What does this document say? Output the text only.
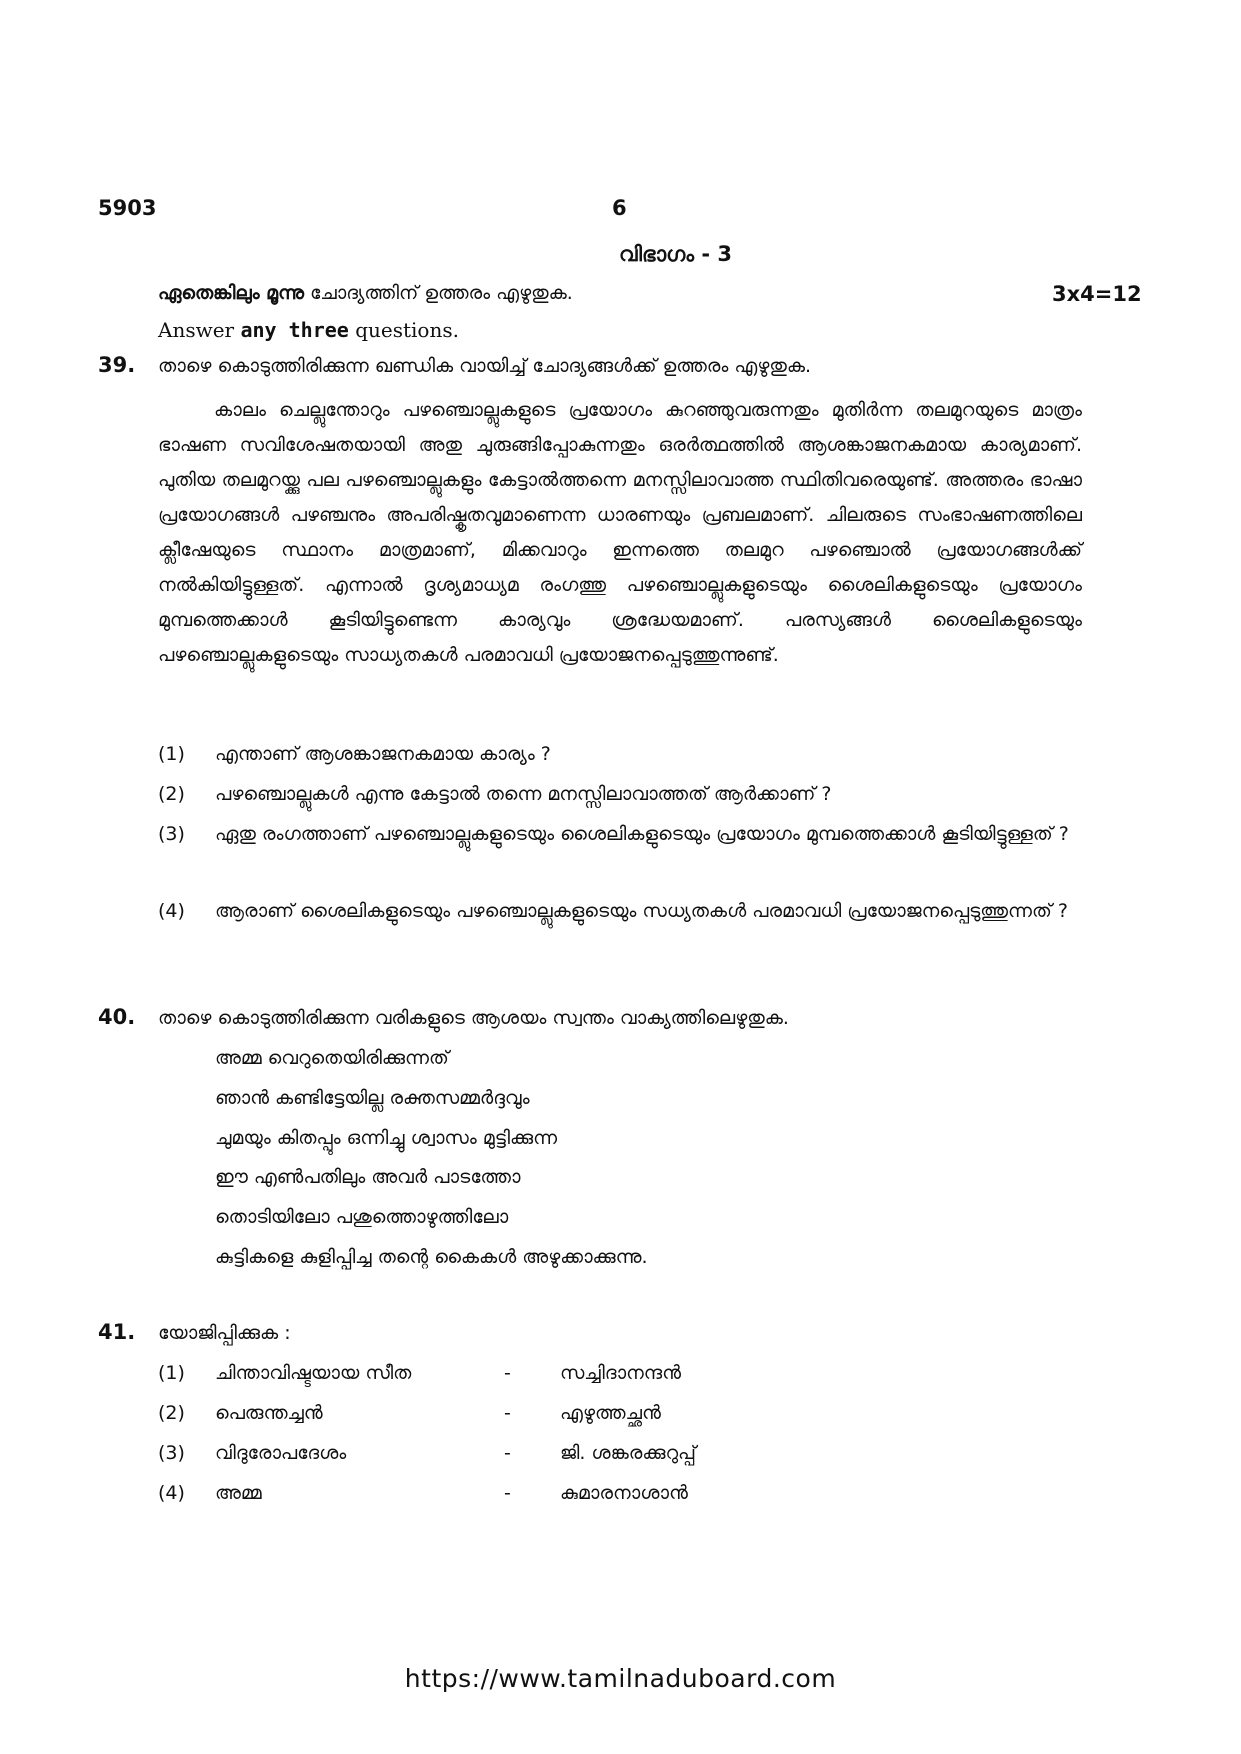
5903	6
വിഭാഗം - 3
ഏതെങ്കിലും മൂന്നു ചോദ്യത്തിന് ഉത്തരം എഴുതുക.	3x4=12
Answer any three questions.
39. താഴെ കൊടുത്തിരിക്കുന്ന ഖണ്ഡിക വായിച്ച് ചോദ്യങ്ങൾക്ക് ഉത്തരം എഴുതുക.
കാലം ചെല്ലുന്തോറും പഴഞ്ചൊല്ലുകളുടെ പ്രയോഗം കുറഞ്ഞുവരുന്നതും മുതിർന്ന തലമുറയുടെ മാത്രം ഭാഷണ സവിശേഷതയായി അതു ചുരുങ്ങിപ്പോകുന്നതും ഒരർത്ഥത്തിൽ ആശങ്കാജനകമായ കാര്യമാണ്. പുതിയ തലമുറയ്ക്കു പല പഴഞ്ചൊല്ലുകളും കേട്ടാൽത്തന്നെ മനസ്സിലാവാത്ത സ്ഥിതിവരെയുണ്ട്. അത്തരം ഭാഷാ പ്രയോഗങ്ങൾ പഴഞ്ചനും അപരിഷ്കൃതവുമാണെന്ന ധാരണയും പ്രബലമാണ്. ചിലരുടെ സംഭാഷണത്തിലെ ക്ലീഷേയുടെ സ്ഥാനം മാത്രമാണ്, മിക്കവാറും ഇന്നത്തെ തലമുറ പഴഞ്ചൊൽ പ്രയോഗങ്ങൾക്ക് നൽകിയിട്ടുള്ളത്. എന്നാൽ ദൃശ്യമാധ്യമ രംഗത്തു പഴഞ്ചൊല്ലുകളുടെയും ശൈലികളുടെയും പ്രയോഗം മുമ്പത്തെക്കാൾ കൂടിയിട്ടുണ്ടെന്ന കാര്യവും ശ്രദ്ധേയമാണ്. പരസ്യങ്ങൾ ശൈലികളുടെയും പഴഞ്ചൊല്ലുകളുടെയും സാധ്യതകൾ പരമാവധി പ്രയോജനപ്പെടുത്തുന്നുണ്ട്.
(1) എന്താണ് ആശങ്കാജനകമായ കാര്യം ?
(2) പഴഞ്ചൊല്ലുകൾ എന്നു കേട്ടാൽ തന്നെ മനസ്സിലാവാത്തത് ആർക്കാണ് ?
(3) ഏതു രംഗത്താണ് പഴഞ്ചൊല്ലുകളുടെയും ശൈലികളുടെയും പ്രയോഗം മുമ്പത്തെക്കാൾ കൂടിയിട്ടുള്ളത് ?
(4) ആരാണ് ശൈലികളുടെയും പഴഞ്ചൊല്ലുകളുടെയും സധ്യതകൾ പരമാവധി പ്രയോജനപ്പെടുത്തുന്നത് ?
40. താഴെ കൊടുത്തിരിക്കുന്ന വരികളുടെ ആശയം സ്വന്തം വാക്യത്തിലെഴുതുക.
അമ്മ വെറുതെയിരിക്കുന്നത്
ഞാൻ കണ്ടിട്ടേയില്ല രക്തസമ്മർദ്ദവും
ചുമയും കിതപ്പും ഒന്നിച്ചു ശ്വാസം മുട്ടിക്കുന്ന
ഈ എൺപതിലും അവർ പാടത്തോ
തൊടിയിലോ പശുത്തൊഴുത്തിലോ
കുട്ടികളെ കുളിപ്പിച്ച തന്റെ കൈകൾ അഴുക്കാക്കുന്നു.
41. യോജിപ്പിക്കുക :
(1) ചിന്താവിഷ്ടയായ സീത	-	സച്ചിദാനന്ദൻ
(2) പെരുന്തച്ചൻ	-	എഴുത്തച്ഛൻ
(3) വിദുരോപദേശം	-	ജി. ശങ്കരക്കുറുപ്പ്
(4) അമ്മ	-	കുമാരനാശാൻ
https://www.tamilnaduboard.com
